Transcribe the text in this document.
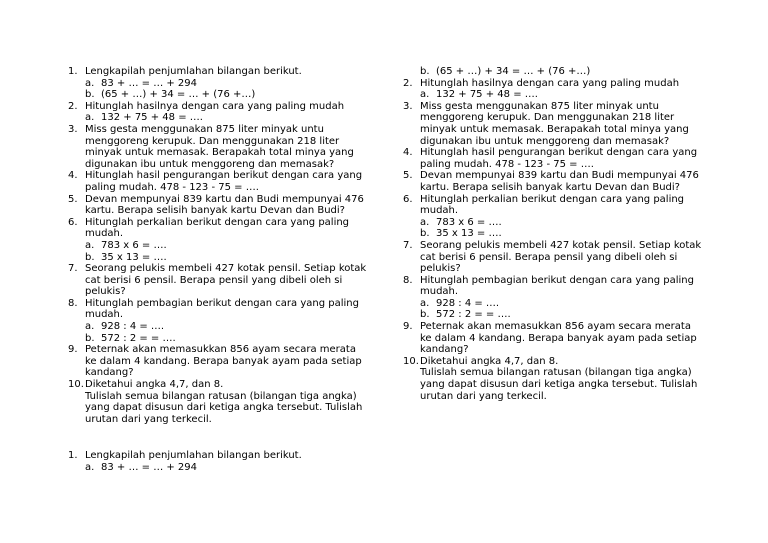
1. Lengkapilah penjumlahan bilangan berikut.
a. 83 + … = … + 294
b. (65 + …) + 34 = … + (76 +…)
2. Hitunglah hasilnya dengan cara yang paling mudah
a. 132 + 75 + 48 = ….
3. Miss gesta menggunakan 875 liter minyak untu
menggoreng kerupuk. Dan menggunakan 218 liter
minyak untuk memasak. Berapakah total minya yang
digunakan ibu untuk menggoreng dan memasak?
4. Hitunglah hasil pengurangan berikut dengan cara yang
paling mudah. 478 - 123 - 75 = ….
5. Devan mempunyai 839 kartu dan Budi mempunyai 476
kartu. Berapa selisih banyak kartu Devan dan Budi?
6. Hitunglah perkalian berikut dengan cara yang paling
mudah.
a. 783 x 6 = ….
b. 35 x 13 = ….
7. Seorang pelukis membeli 427 kotak pensil. Setiap kotak
cat berisi 6 pensil. Berapa pensil yang dibeli oleh si
pelukis?
8. Hitunglah pembagian berikut dengan cara yang paling
mudah.
a. 928 : 4 = ….
b. 572 : 2 = = ….
9. Peternak akan memasukkan 856 ayam secara merata
ke dalam 4 kandang. Berapa banyak ayam pada setiap
kandang?
10. Diketahui angka 4,7, dan 8.
Tulislah semua bilangan ratusan (bilangan tiga angka)
yang dapat disusun dari ketiga angka tersebut. Tulislah
urutan dari yang terkecil.
1. Lengkapilah penjumlahan bilangan berikut.
a. 83 + … = … + 294
b. (65 + …) + 34 = … + (76 +…)
2. Hitunglah hasilnya dengan cara yang paling mudah
a. 132 + 75 + 48 = ….
3. Miss gesta menggunakan 875 liter minyak untu
menggoreng kerupuk. Dan menggunakan 218 liter
minyak untuk memasak. Berapakah total minya yang
digunakan ibu untuk menggoreng dan memasak?
4. Hitunglah hasil pengurangan berikut dengan cara yang
paling mudah. 478 - 123 - 75 = ….
5. Devan mempunyai 839 kartu dan Budi mempunyai 476
kartu. Berapa selisih banyak kartu Devan dan Budi?
6. Hitunglah perkalian berikut dengan cara yang paling
mudah.
a. 783 x 6 = ….
b. 35 x 13 = ….
7. Seorang pelukis membeli 427 kotak pensil. Setiap kotak
cat berisi 6 pensil. Berapa pensil yang dibeli oleh si
pelukis?
8. Hitunglah pembagian berikut dengan cara yang paling
mudah.
a. 928 : 4 = ….
b. 572 : 2 = = ….
9. Peternak akan memasukkan 856 ayam secara merata
ke dalam 4 kandang. Berapa banyak ayam pada setiap
kandang?
10. Diketahui angka 4,7, dan 8.
Tulislah semua bilangan ratusan (bilangan tiga angka)
yang dapat disusun dari ketiga angka tersebut. Tulislah
urutan dari yang terkecil.
